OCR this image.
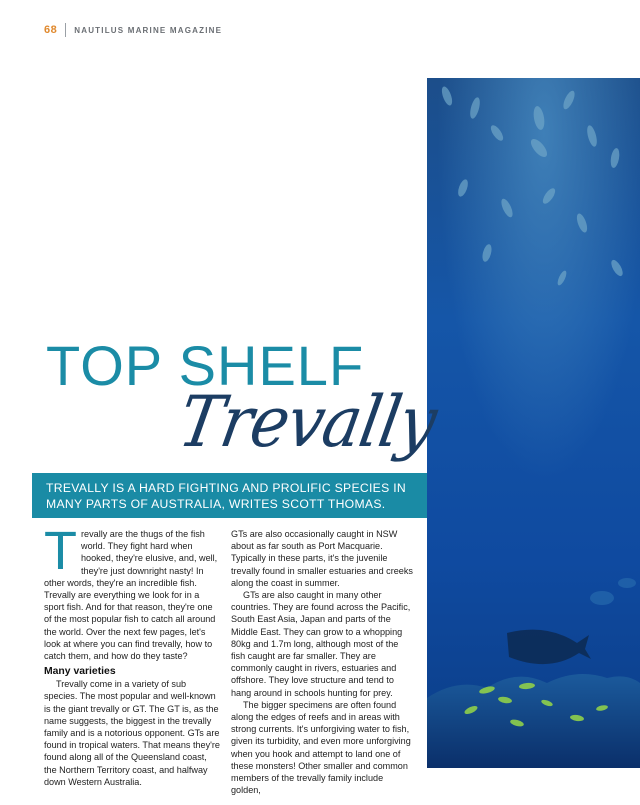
68 NAUTILUS MARINE MAGAZINE
TOP SHELF
Trevally
TREVALLY IS A HARD FIGHTING AND PROLIFIC SPECIES IN MANY PARTS OF AUSTRALIA, WRITES SCOTT THOMAS.

Trevally are the thugs of the fish world. They fight hard when hooked, they're elusive, and, well, they're just downright nasty! In other words, they're an incredible fish. Trevally are everything we look for in a sport fish. And for that reason, they're one of the most popular fish to catch all around the world. Over the next few pages, let's look at where you can find trevally, how to catch them, and how do they taste?

Many varieties

Trevally come in a variety of sub species. The most popular and well-known is the giant trevally or GT. The GT is, as the name suggests, the biggest in the trevally family and is a notorious opponent. GTs are found in tropical waters. That means they're found along all of the Queensland coast, the Northern Territory coast, and halfway down Western Australia.

GTs are also occasionally caught in NSW about as far south as Port Macquarie. Typically in these parts, it's the juvenile trevally found in smaller estuaries and creeks along the coast in summer.

GTs are also caught in many other countries. They are found across the Pacific, South East Asia, Japan and parts of the Middle East. They can grow to a whopping 80kg and 1.7m long, although most of the fish caught are far smaller. They are commonly caught in rivers, estuaries and offshore. They love structure and tend to hang around in schools hunting for prey.

The bigger specimens are often found along the edges of reefs and in areas with strong currents. It's unforgiving water to fish, given its turbidity, and even more unforgiving when you hook and attempt to land one of these monsters! Other smaller and common members of the trevally family include golden,
